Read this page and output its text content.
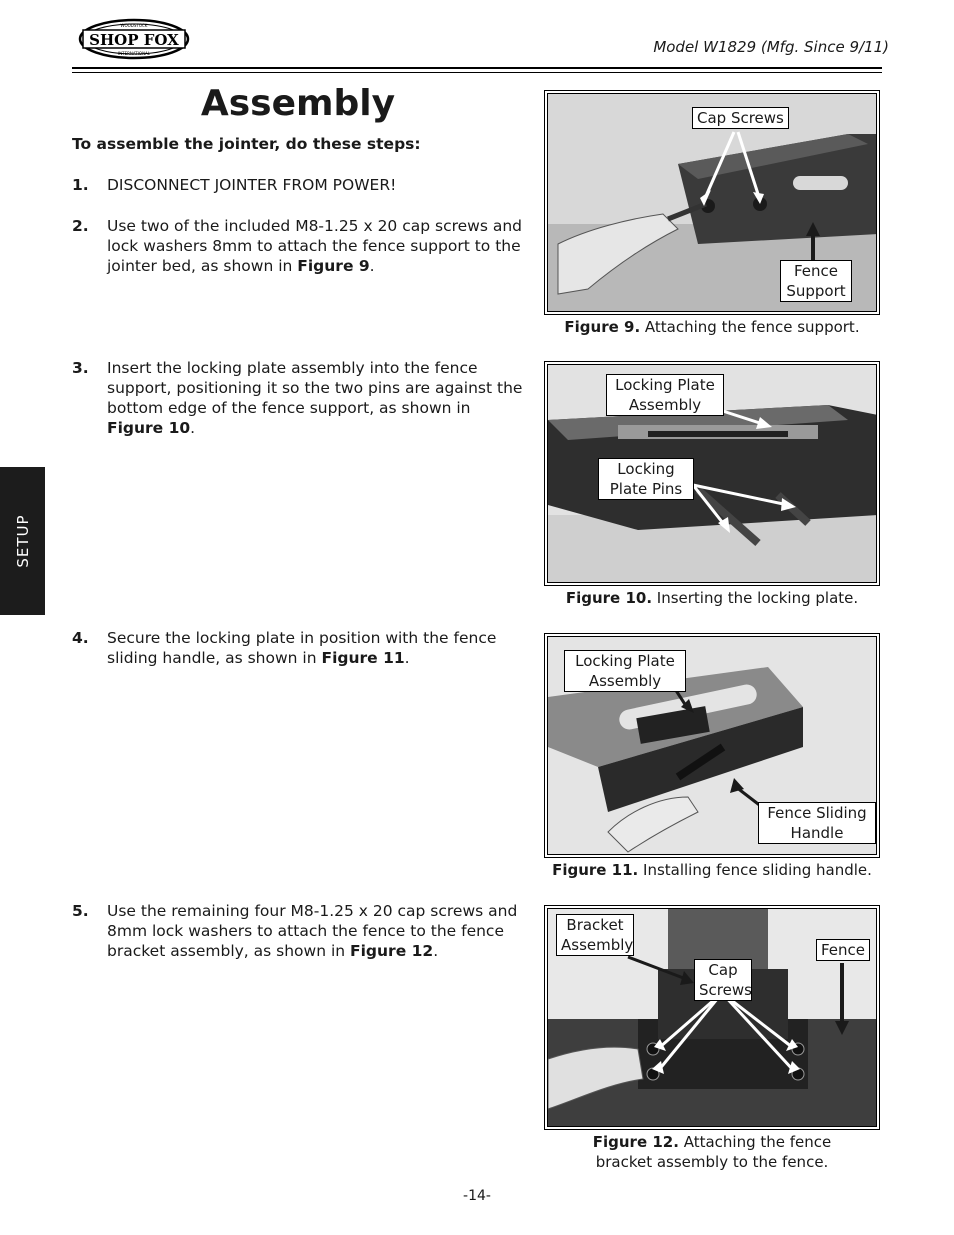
SHOP FOX
WOODSTOCK
INTERNATIONAL	Model W1829 (Mfg. Since 9/11)
SETUP
Assembly
To assemble the jointer, do these steps:
1. DISCONNECT JOINTER FROM POWER!
2. Use two of the included M8-1.25 x 20 cap screws and lock washers 8mm to attach the fence support to the jointer bed, as shown in Figure 9.
3. Insert the locking plate assembly into the fence support, positioning it so the two pins are against the bottom edge of the fence support, as shown in Figure 10.
4. Secure the locking plate in position with the fence sliding handle, as shown in Figure 11.
5. Use the remaining four M8-1.25 x 20 cap screws and 8mm lock washers to attach the fence to the fence bracket assembly, as shown in Figure 12.
Cap Screws
Fence Support
Figure 9. Attaching the fence support.
Locking Plate Assembly
Locking Plate Pins
Figure 10. Inserting the locking plate.
Locking Plate Assembly
Fence Sliding Handle
Figure 11. Installing fence sliding handle.
Bracket Assembly
Cap Screws
Fence
Figure 12. Attaching the fence bracket assembly to the fence.
-14-
